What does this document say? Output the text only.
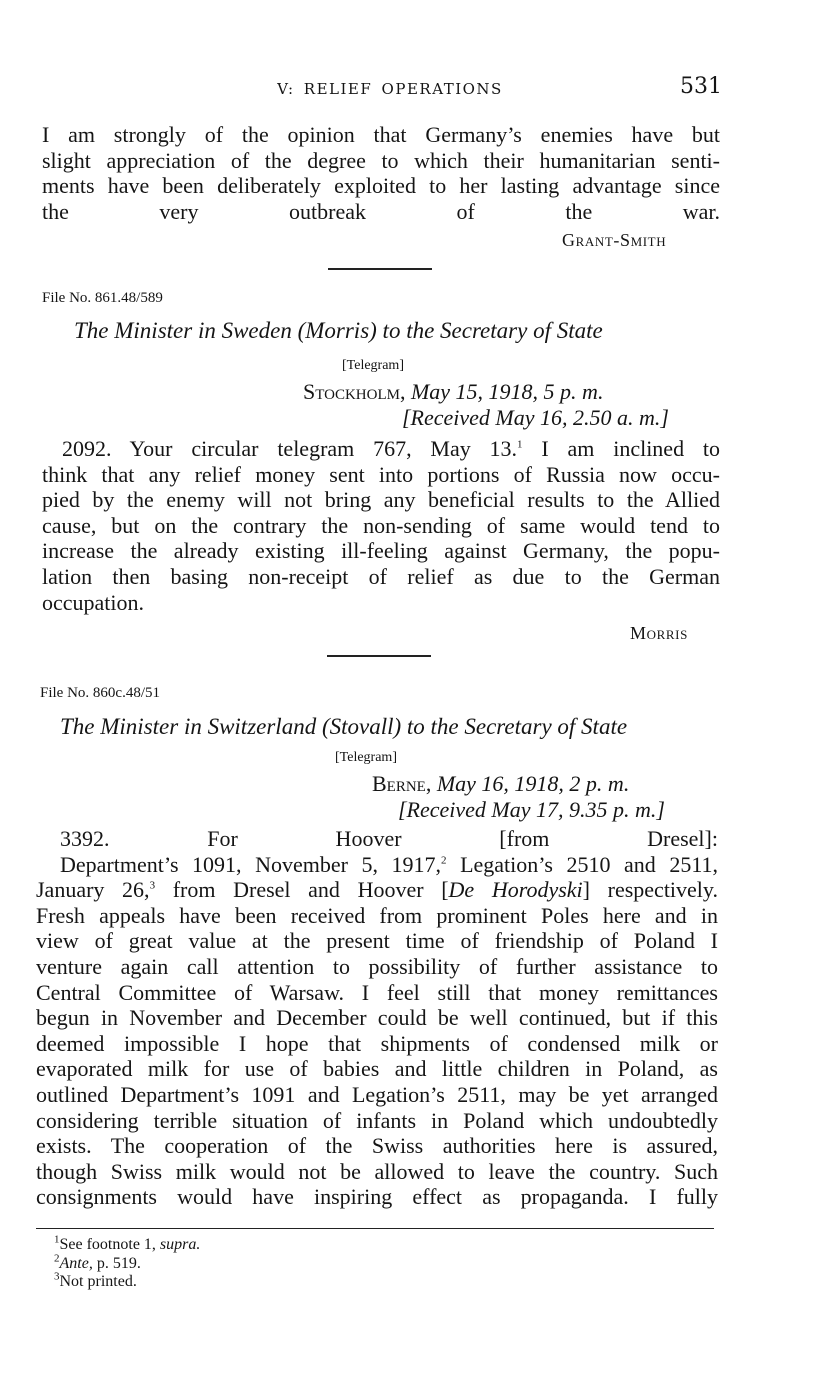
V: RELIEF OPERATIONS	531
I am strongly of the opinion that Germany’s enemies have but
slight appreciation of the degree to which their humanitarian senti-
ments have been deliberately exploited to her lasting advantage since
the very outbreak of the war.
Grant-Smith
File No. 861.48/589
The Minister in Sweden (Morris) to the Secretary of State
[Telegram]
Stockholm, May 15, 1918, 5 p. m.
[Received May 16, 2.50 a. m.]
2092. Your circular telegram 767, May 13.$^1$ I am inclined to
think that any relief money sent into portions of Russia now occu-
pied by the enemy will not bring any beneficial results to the Allied
cause, but on the contrary the non-sending of same would tend to
increase the already existing ill-feeling against Germany, the popu-
lation then basing non-receipt of relief as due to the German
occupation.
Morris
File No. 860c.48/51
The Minister in Switzerland (Stovall) to the Secretary of State
[Telegram]
Berne, May 16, 1918, 2 p. m.
[Received May 17, 9.35 p. m.]
3392. For Hoover [from Dresel]:
Department’s 1091, November 5, 1917,$^2$ Legation’s 2510 and 2511,
January 26,$^3$ from Dresel and Hoover [De Horodyski] respectively.
Fresh appeals have been received from prominent Poles here and in
view of great value at the present time of friendship of Poland I
venture again call attention to possibility of further assistance to
Central Committee of Warsaw. I feel still that money remittances
begun in November and December could be well continued, but if this
deemed impossible I hope that shipments of condensed milk or
evaporated milk for use of babies and little children in Poland, as
outlined Department’s 1091 and Legation’s 2511, may be yet arranged
considering terrible situation of infants in Poland which undoubtedly
exists. The cooperation of the Swiss authorities here is assured,
though Swiss milk would not be allowed to leave the country. Such
consignments would have inspiring effect as propaganda. I fully
$^1$See footnote 1, supra.
$^2$Ante, p. 519.
$^3$Not printed.
